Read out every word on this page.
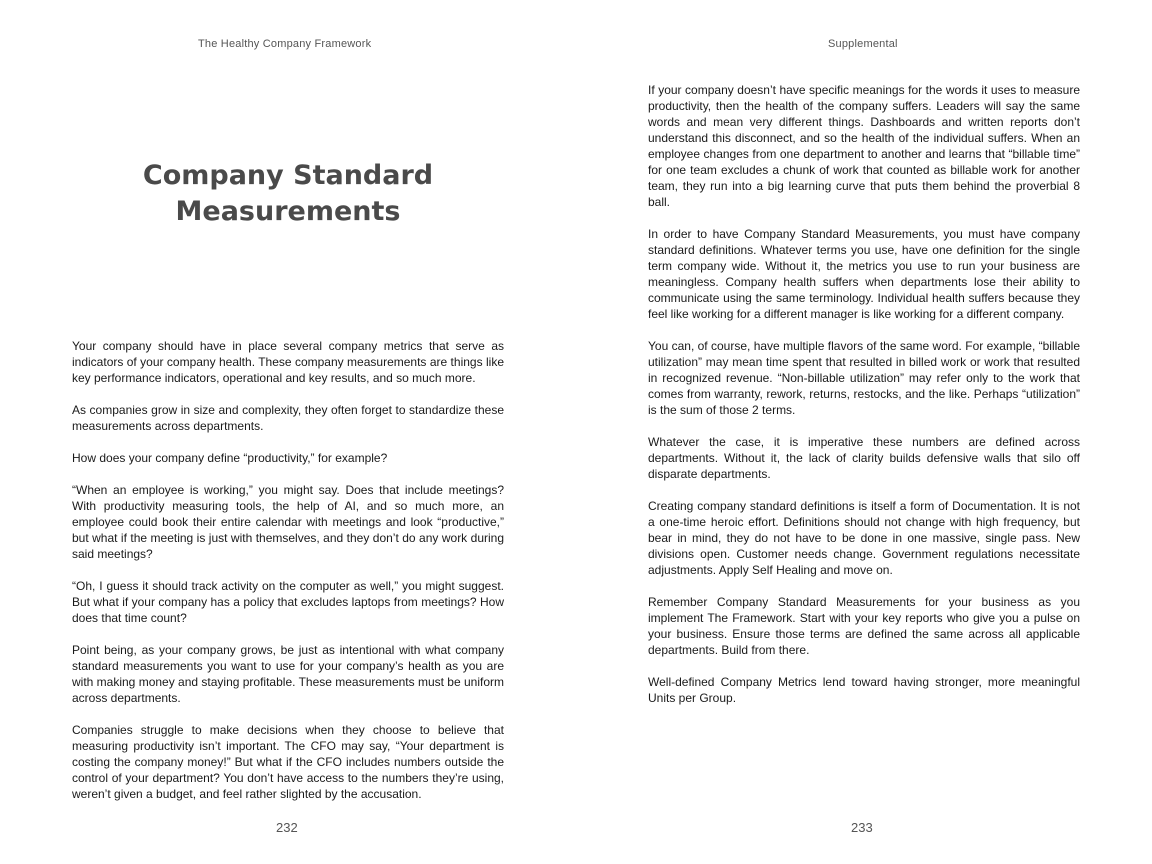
The Healthy Company Framework
Company Standard
Measurements

Your company should have in place several company metrics that serve as indicators of your company health. These company measurements are things like key performance indicators, operational and key results, and so much more.

As companies grow in size and complexity, they often forget to standardize these measurements across departments.

How does your company define “productivity,” for example?

“When an employee is working,” you might say. Does that include meetings? With productivity measuring tools, the help of AI, and so much more, an employee could book their entire calendar with meetings and look “productive,” but what if the meeting is just with themselves, and they don’t do any work during said meetings?

“Oh, I guess it should track activity on the computer as well,” you might suggest. But what if your company has a policy that excludes laptops from meetings? How does that time count?

Point being, as your company grows, be just as intentional with what company standard measurements you want to use for your company’s health as you are with making money and staying profitable. These measurements must be uniform across departments.

Companies struggle to make decisions when they choose to believe that measuring productivity isn’t important. The CFO may say, “Your department is costing the company money!” But what if the CFO includes numbers outside the control of your department? You don’t have access to the numbers they’re using, weren’t given a budget, and feel rather slighted by the accusation.

232
Supplemental

If your company doesn’t have specific meanings for the words it uses to measure productivity, then the health of the company suffers. Leaders will say the same words and mean very different things. Dashboards and written reports don’t understand this disconnect, and so the health of the individual suffers. When an employee changes from one department to another and learns that “billable time” for one team excludes a chunk of work that counted as billable work for another team, they run into a big learning curve that puts them behind the proverbial 8 ball.

In order to have Company Standard Measurements, you must have company standard definitions. Whatever terms you use, have one definition for the single term company wide. Without it, the metrics you use to run your business are meaningless. Company health suffers when departments lose their ability to communicate using the same terminology. Individual health suffers because they feel like working for a different manager is like working for a different company.

You can, of course, have multiple flavors of the same word. For example, “billable utilization” may mean time spent that resulted in billed work or work that resulted in recognized revenue. “Non-billable utilization” may refer only to the work that comes from warranty, rework, returns, restocks, and the like. Perhaps “utilization” is the sum of those 2 terms.

Whatever the case, it is imperative these numbers are defined across departments. Without it, the lack of clarity builds defensive walls that silo off disparate departments.

Creating company standard definitions is itself a form of Documentation. It is not a one-time heroic effort. Definitions should not change with high frequency, but bear in mind, they do not have to be done in one massive, single pass. New divisions open. Customer needs change. Government regulations necessitate adjustments. Apply Self Healing and move on.

Remember Company Standard Measurements for your business as you implement The Framework. Start with your key reports who give you a pulse on your business. Ensure those terms are defined the same across all applicable departments. Build from there.

Well-defined Company Metrics lend toward having stronger, more meaningful Units per Group.

233
